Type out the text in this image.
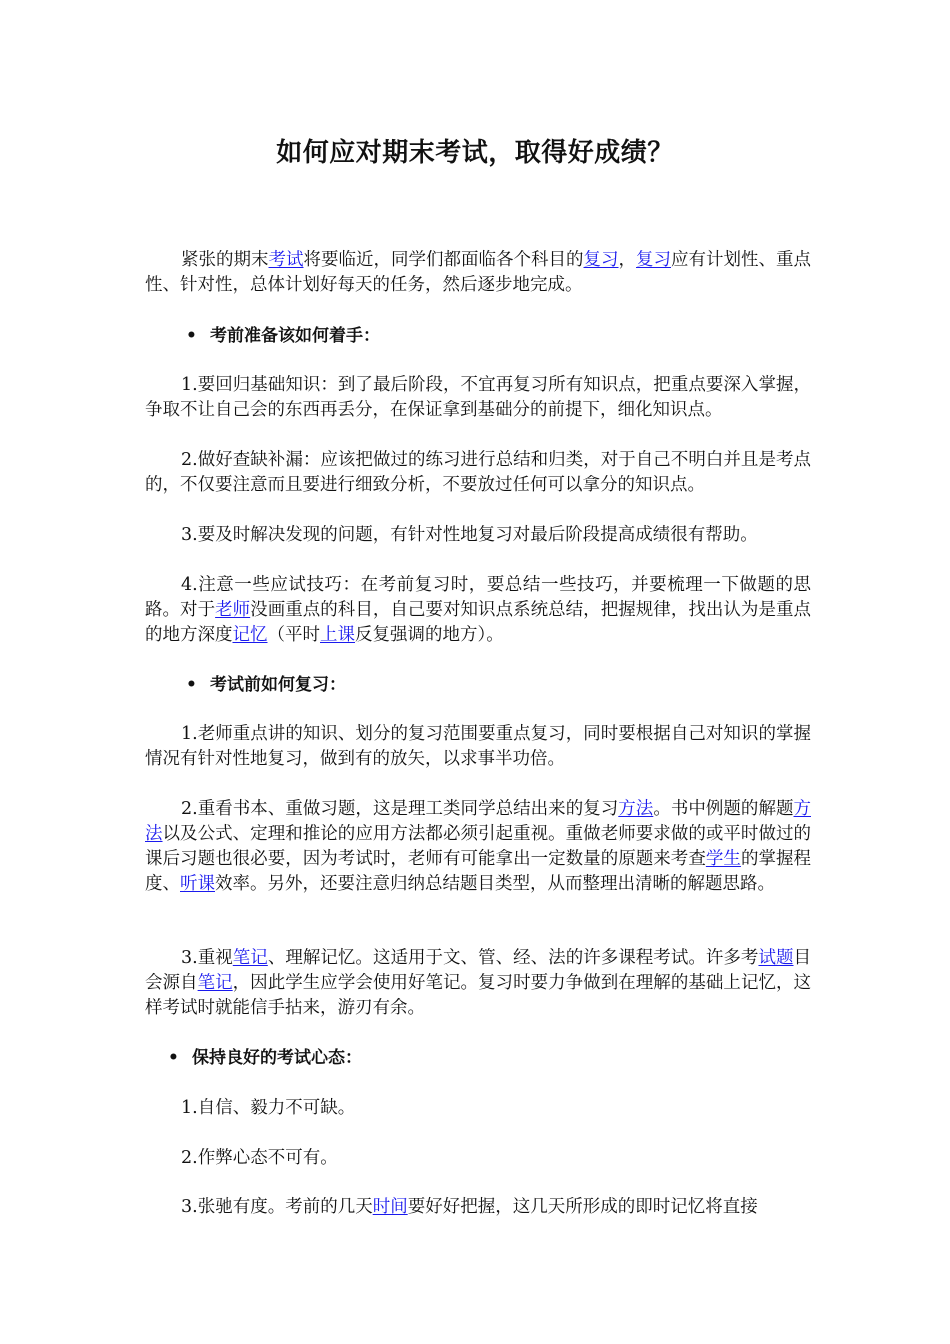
如何应对期末考试，取得好成绩？
紧张的期末考试将要临近，同学们都面临各个科目的复习，复习应有计划性、重点性、针对性，总体计划好每天的任务，然后逐步地完成。
• 考前准备该如何着手：
1.要回归基础知识：到了最后阶段，不宜再复习所有知识点，把重点要深入掌握，争取不让自己会的东西再丢分，在保证拿到基础分的前提下，细化知识点。
2.做好查缺补漏：应该把做过的练习进行总结和归类，对于自己不明白并且是考点的，不仅要注意而且要进行细致分析，不要放过任何可以拿分的知识点。
3.要及时解决发现的问题，有针对性地复习对最后阶段提高成绩很有帮助。
4.注意一些应试技巧：在考前复习时，要总结一些技巧，并要梳理一下做题的思路。对于老师没画重点的科目，自己要对知识点系统总结，把握规律，找出认为是重点的地方深度记忆（平时上课反复强调的地方）。
• 考试前如何复习：
1.老师重点讲的知识、划分的复习范围要重点复习，同时要根据自己对知识的掌握情况有针对性地复习，做到有的放矢，以求事半功倍。
2.重看书本、重做习题，这是理工类同学总结出来的复习方法。书中例题的解题方法以及公式、定理和推论的应用方法都必须引起重视。重做老师要求做的或平时做过的课后习题也很必要，因为考试时，老师有可能拿出一定数量的原题来考查学生的掌握程度、听课效率。另外，还要注意归纳总结题目类型，从而整理出清晰的解题思路。
3.重视笔记、理解记忆。这适用于文、管、经、法的许多课程考试。许多考试题目会源自笔记，因此学生应学会使用好笔记。复习时要力争做到在理解的基础上记忆，这样考试时就能信手拈来，游刃有余。
• 保持良好的考试心态：
1.自信、毅力不可缺。
2.作弊心态不可有。
3.张驰有度。考前的几天时间要好好把握，这几天所形成的即时记忆将直接
